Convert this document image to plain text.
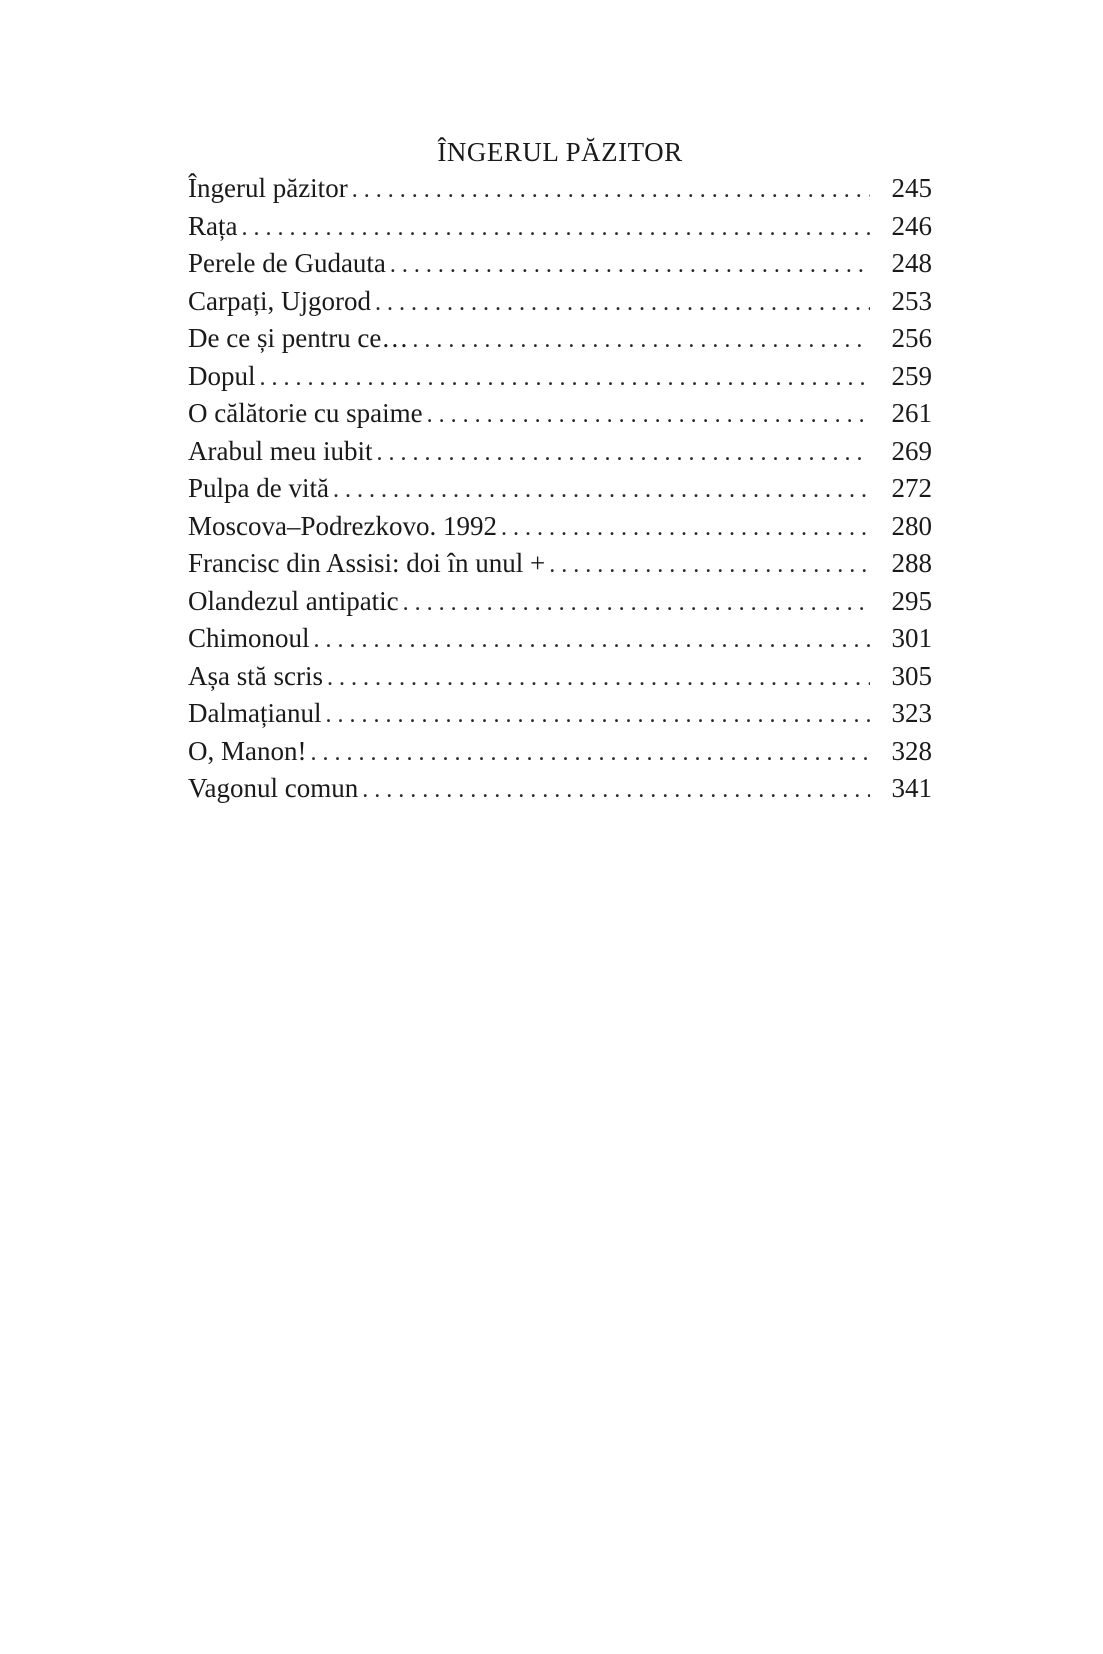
ÎNGERUL PĂZITOR
Îngerul păzitor . . .	245
Rața . . .	246
Perele de Gudauta . . .	248
Carpați, Ujgorod . . .	253
De ce și pentru ce… . . .	256
Dopul . . .	259
O călătorie cu spaime . . .	261
Arabul meu iubit . . .	269
Pulpa de vită . . .	272
Moscova–Podrezkovo. 1992 . . .	280
Francisc din Assisi: doi în unul + . . .	288
Olandezul antipatic . . .	295
Chimonoul . . .	301
Așa stă scris . . .	305
Dalmațianul . . .	323
O, Manon! . . .	328
Vagonul comun . . .	341
